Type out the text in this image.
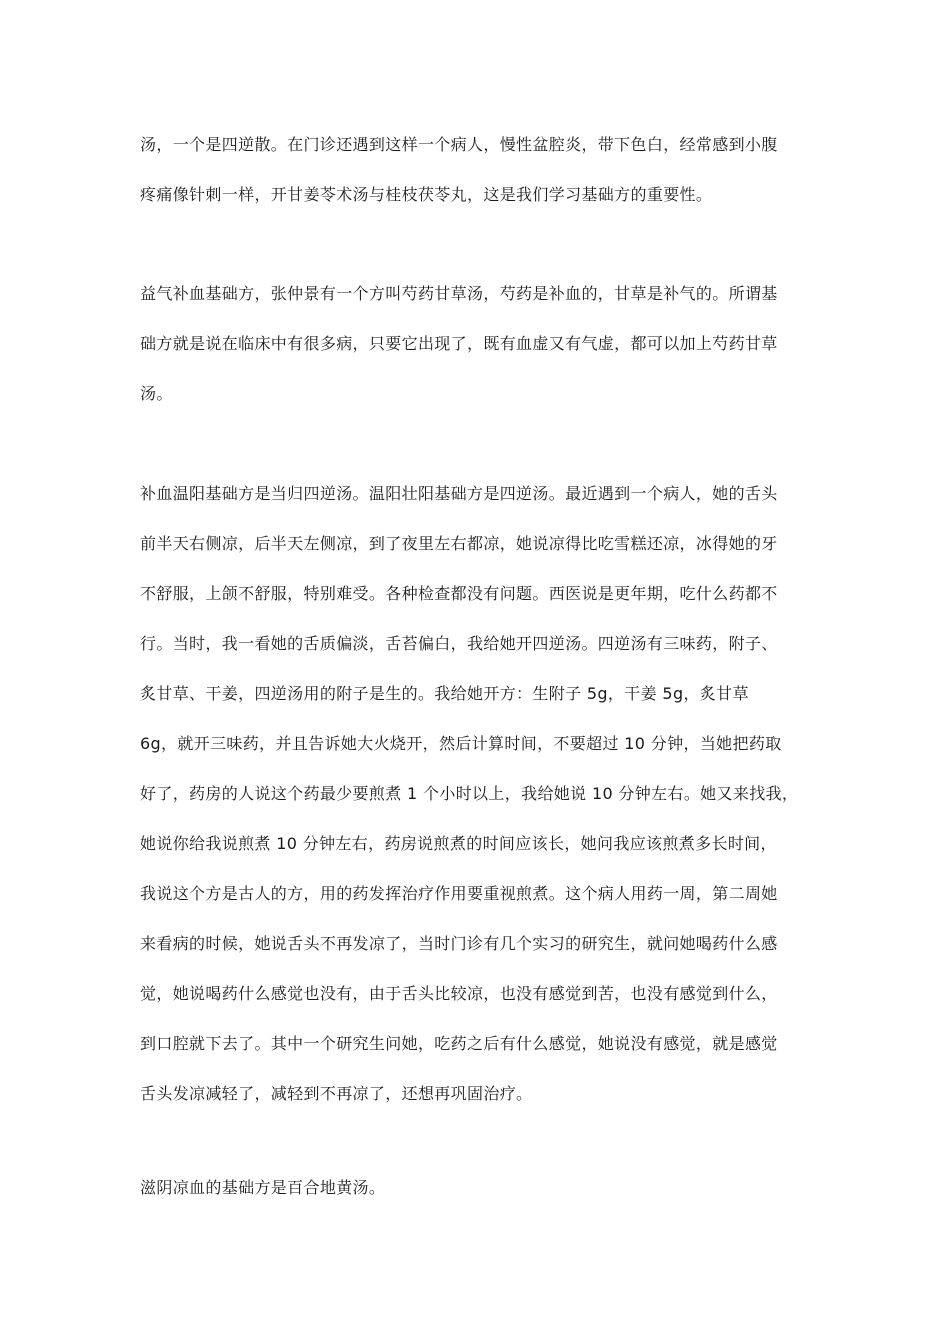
汤，一个是四逆散。在门诊还遇到这样一个病人，慢性盆腔炎，带下色白，经常感到小腹
疼痛像针刺一样，开甘姜苓术汤与桂枝茯苓丸，这是我们学习基础方的重要性。
益气补血基础方，张仲景有一个方叫芍药甘草汤，芍药是补血的，甘草是补气的。所谓基
础方就是说在临床中有很多病，只要它出现了，既有血虚又有气虚，都可以加上芍药甘草
汤。
补血温阳基础方是当归四逆汤。温阳壮阳基础方是四逆汤。最近遇到一个病人，她的舌头
前半天右侧凉，后半天左侧凉，到了夜里左右都凉，她说凉得比吃雪糕还凉，冰得她的牙
不舒服，上颌不舒服，特别难受。各种检查都没有问题。西医说是更年期，吃什么药都不
行。当时，我一看她的舌质偏淡，舌苔偏白，我给她开四逆汤。四逆汤有三味药，附子、
炙甘草、干姜，四逆汤用的附子是生的。我给她开方：生附子 5g，干姜 5g，炙甘草
6g，就开三味药，并且告诉她大火烧开，然后计算时间，不要超过 10 分钟，当她把药取
好了，药房的人说这个药最少要煎煮 1 个小时以上，我给她说 10 分钟左右。她又来找我，
她说你给我说煎煮 10 分钟左右，药房说煎煮的时间应该长，她问我应该煎煮多长时间，
我说这个方是古人的方，用的药发挥治疗作用要重视煎煮。这个病人用药一周，第二周她
来看病的时候，她说舌头不再发凉了，当时门诊有几个实习的研究生，就问她喝药什么感
觉，她说喝药什么感觉也没有，由于舌头比较凉，也没有感觉到苦，也没有感觉到什么，
到口腔就下去了。其中一个研究生问她，吃药之后有什么感觉，她说没有感觉，就是感觉
舌头发凉减轻了，减轻到不再凉了，还想再巩固治疗。
滋阴凉血的基础方是百合地黄汤。
